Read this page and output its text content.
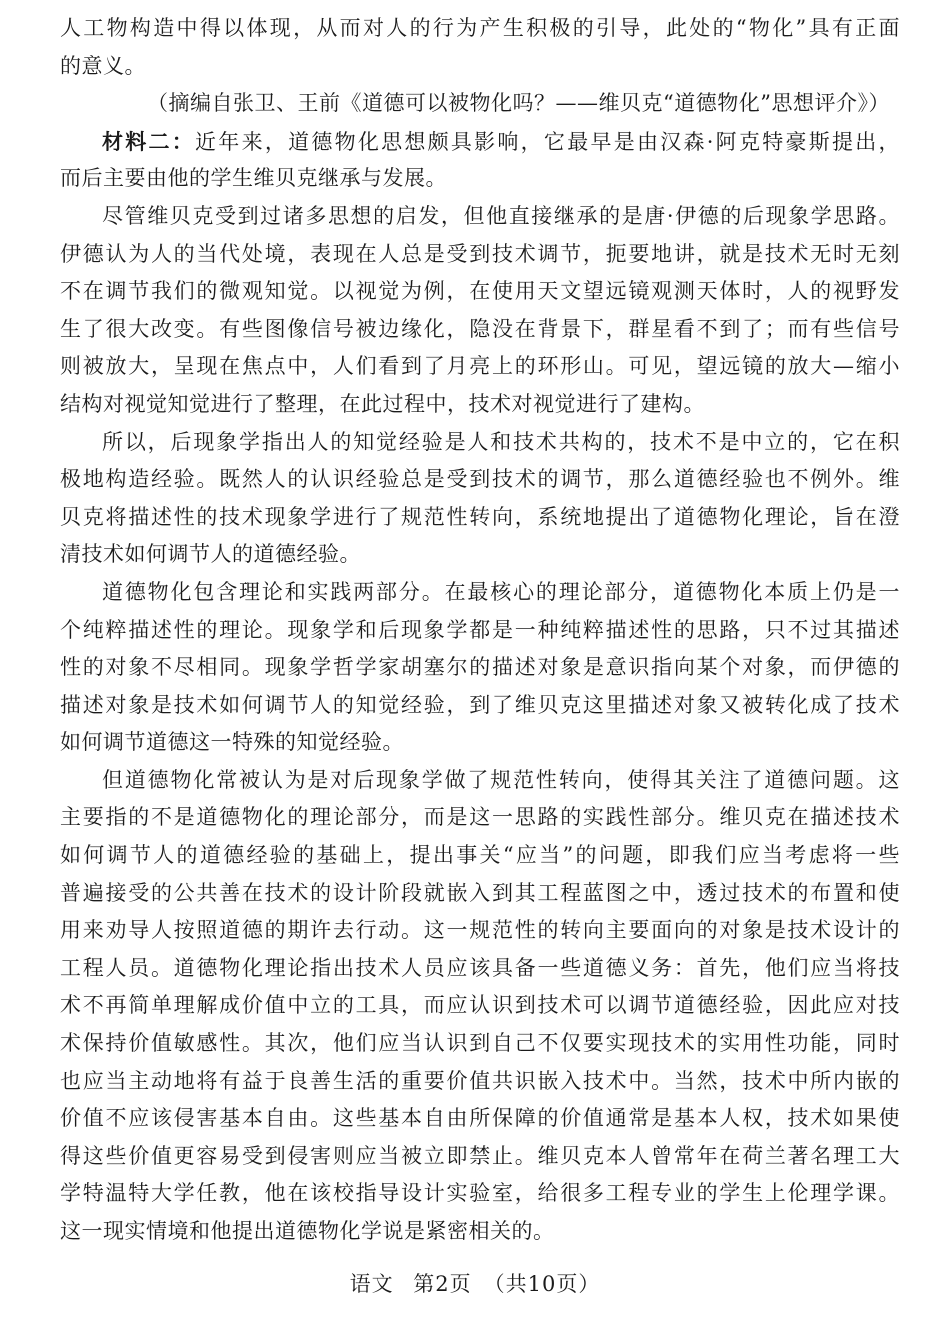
人工物构造中得以体现，从而对人的行为产生积极的引导，此处的“物化”具有正面
的意义。
（摘编自张卫、王前《道德可以被物化吗？——维贝克“道德物化”思想评介》）
材料二：近年来，道德物化思想颇具影响，它最早是由汉森·阿克特豪斯提出，
而后主要由他的学生维贝克继承与发展。
尽管维贝克受到过诸多思想的启发，但他直接继承的是唐·伊德的后现象学思路。
伊德认为人的当代处境，表现在人总是受到技术调节，扼要地讲，就是技术无时无刻
不在调节我们的微观知觉。以视觉为例，在使用天文望远镜观测天体时，人的视野发
生了很大改变。有些图像信号被边缘化，隐没在背景下，群星看不到了；而有些信号
则被放大，呈现在焦点中，人们看到了月亮上的环形山。可见，望远镜的放大—缩小
结构对视觉知觉进行了整理，在此过程中，技术对视觉进行了建构。
所以，后现象学指出人的知觉经验是人和技术共构的，技术不是中立的，它在积
极地构造经验。既然人的认识经验总是受到技术的调节，那么道德经验也不例外。维
贝克将描述性的技术现象学进行了规范性转向，系统地提出了道德物化理论，旨在澄
清技术如何调节人的道德经验。
道德物化包含理论和实践两部分。在最核心的理论部分，道德物化本质上仍是一
个纯粹描述性的理论。现象学和后现象学都是一种纯粹描述性的思路，只不过其描述
性的对象不尽相同。现象学哲学家胡塞尔的描述对象是意识指向某个对象，而伊德的
描述对象是技术如何调节人的知觉经验，到了维贝克这里描述对象又被转化成了技术
如何调节道德这一特殊的知觉经验。
但道德物化常被认为是对后现象学做了规范性转向，使得其关注了道德问题。这
主要指的不是道德物化的理论部分，而是这一思路的实践性部分。维贝克在描述技术
如何调节人的道德经验的基础上，提出事关“应当”的问题，即我们应当考虑将一些
普遍接受的公共善在技术的设计阶段就嵌入到其工程蓝图之中，透过技术的布置和使
用来劝导人按照道德的期许去行动。这一规范性的转向主要面向的对象是技术设计的
工程人员。道德物化理论指出技术人员应该具备一些道德义务：首先，他们应当将技
术不再简单理解成价值中立的工具，而应认识到技术可以调节道德经验，因此应对技
术保持价值敏感性。其次，他们应当认识到自己不仅要实现技术的实用性功能，同时
也应当主动地将有益于良善生活的重要价值共识嵌入技术中。当然，技术中所内嵌的
价值不应该侵害基本自由。这些基本自由所保障的价值通常是基本人权，技术如果使
得这些价值更容易受到侵害则应当被立即禁止。维贝克本人曾常年在荷兰著名理工大
学特温特大学任教，他在该校指导设计实验室，给很多工程专业的学生上伦理学课。
这一现实情境和他提出道德物化学说是紧密相关的。
语文 第2页 （共10页）
